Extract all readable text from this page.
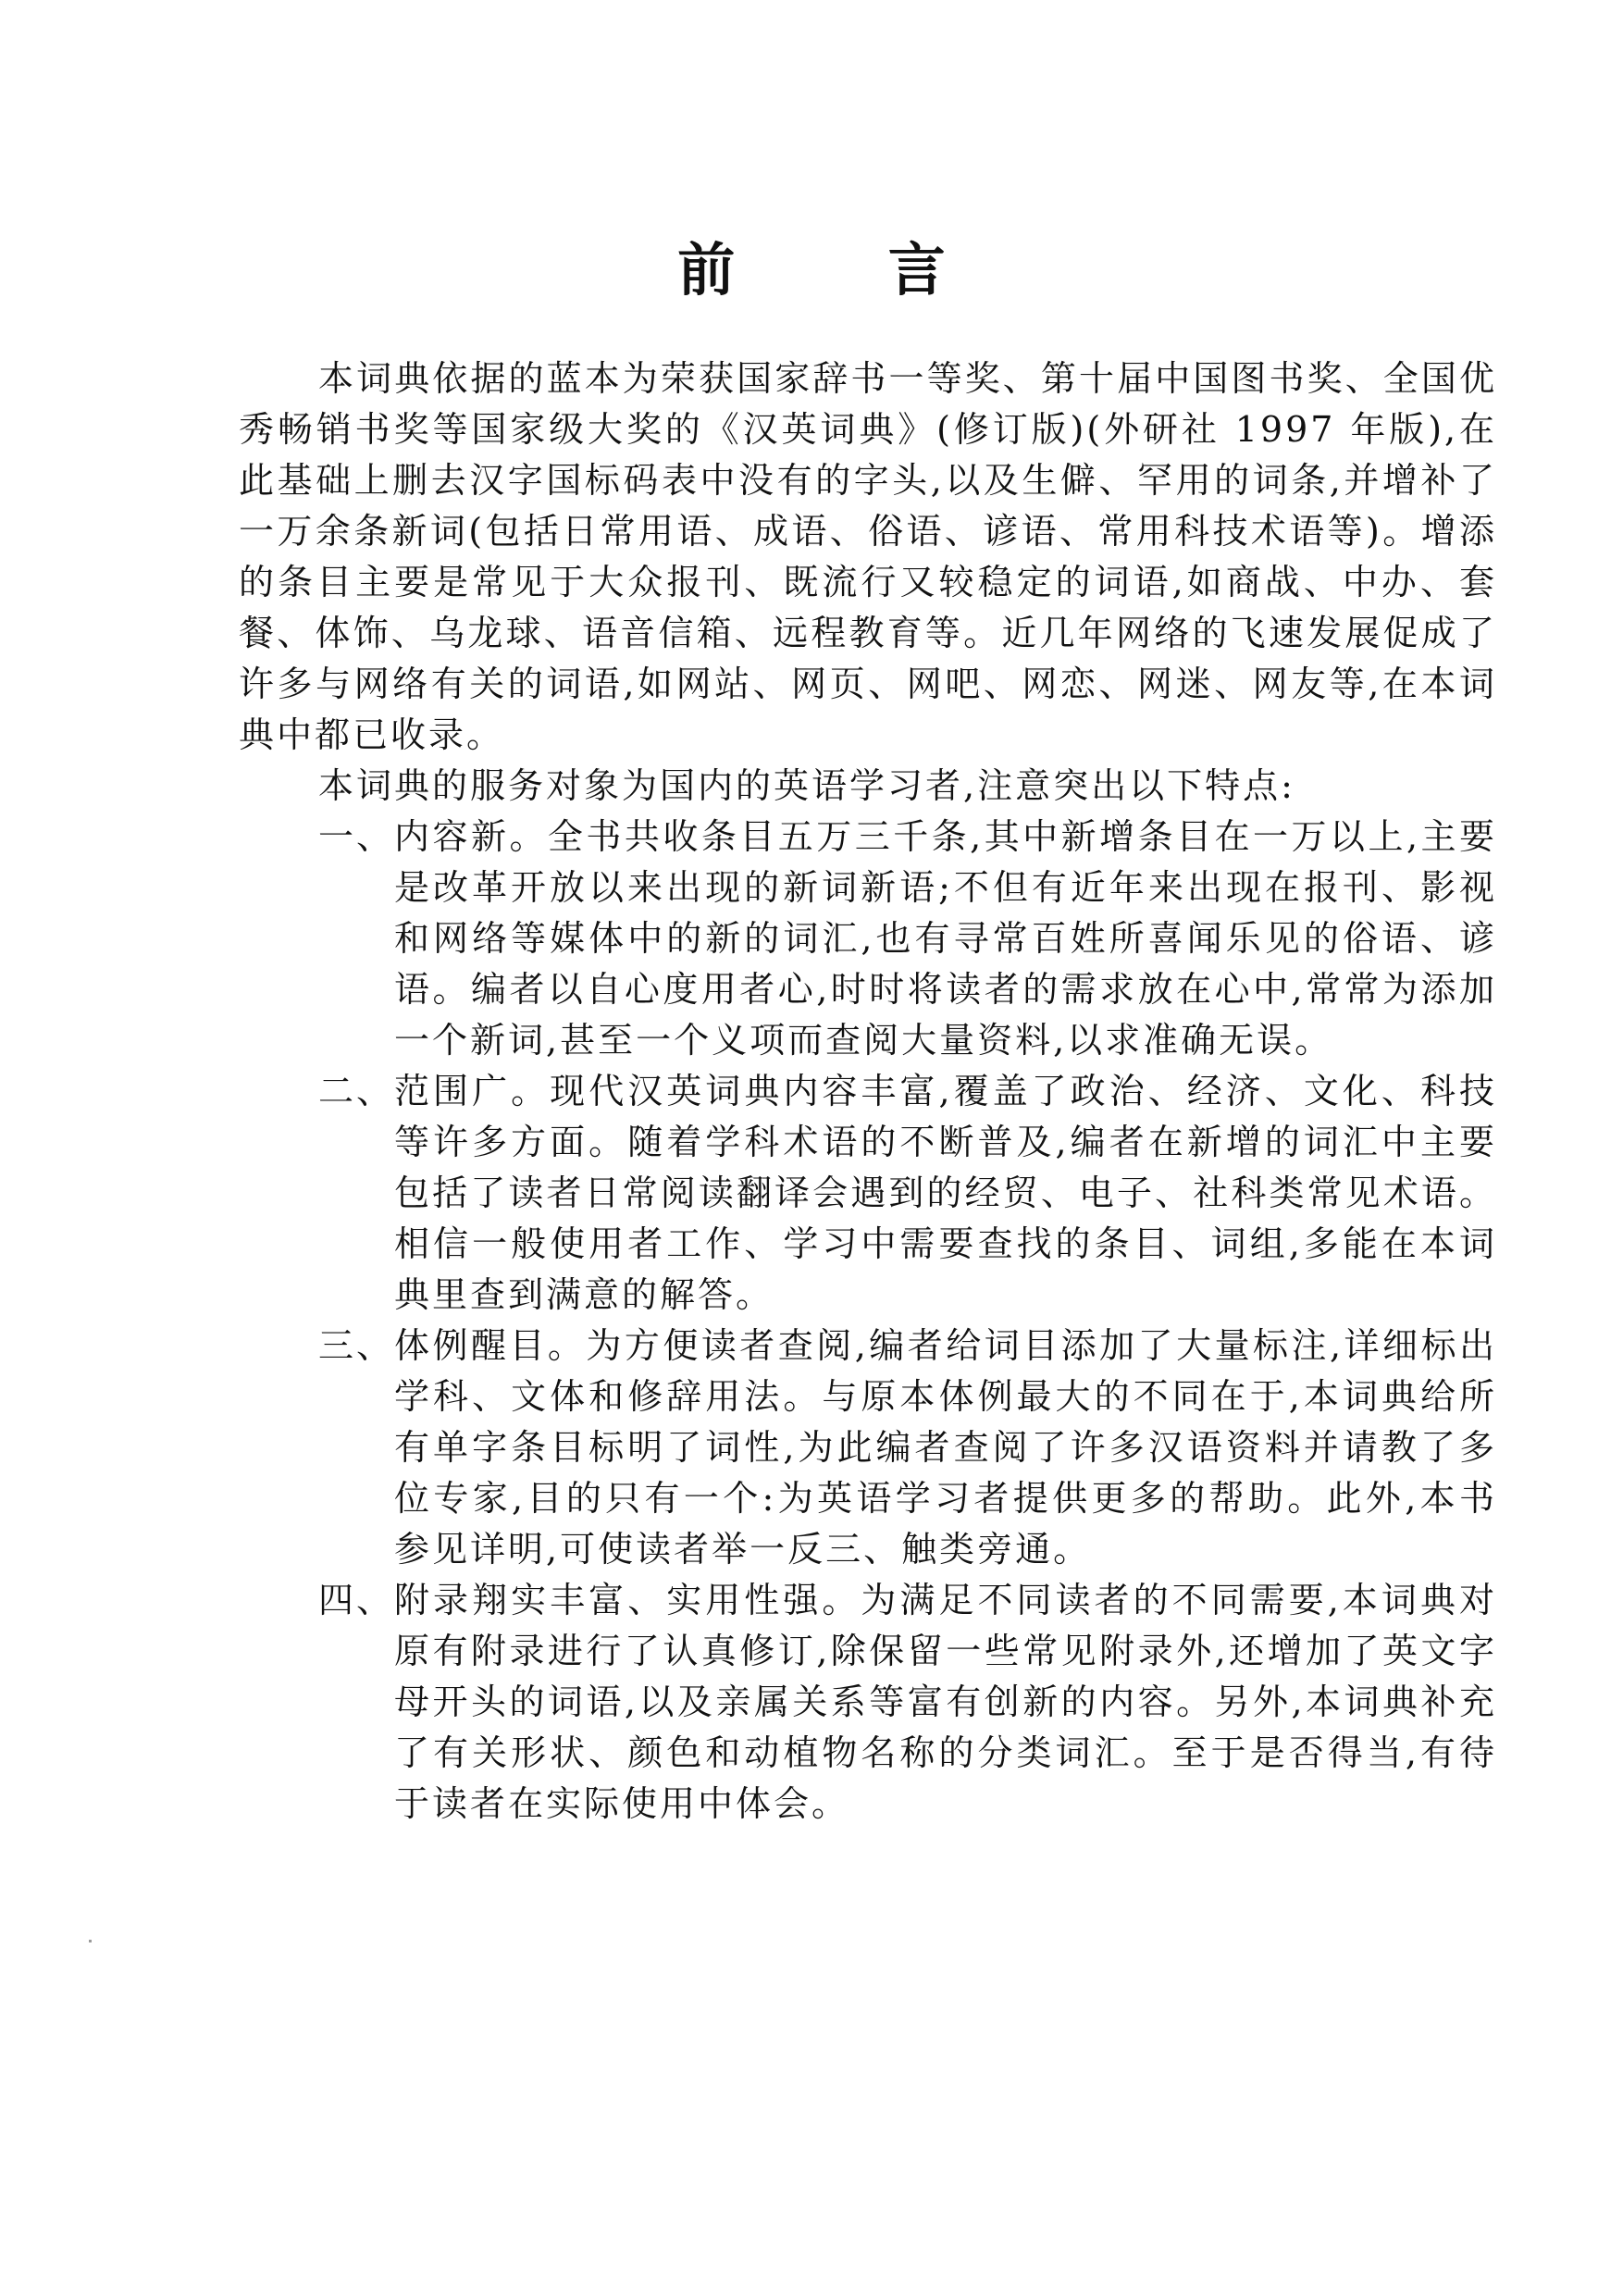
前 言

本词典依据的蓝本为荣获国家辞书一等奖、第十届中国图书奖、全国优秀畅销书奖等国家级大奖的《汉英词典》(修订版)(外研社 1997 年版),在此基础上删去汉字国标码表中没有的字头,以及生僻、罕用的词条,并增补了一万余条新词(包括日常用语、成语、俗语、谚语、常用科技术语等)。增添的条目主要是常见于大众报刊、既流行又较稳定的词语,如商战、中办、套餐、体饰、乌龙球、语音信箱、远程教育等。近几年网络的飞速发展促成了许多与网络有关的词语,如网站、网页、网吧、网恋、网迷、网友等,在本词典中都已收录。

本词典的服务对象为国内的英语学习者,注意突出以下特点:

一、 内容新。全书共收条目五万三千条,其中新增条目在一万以上,主要是改革开放以来出现的新词新语;不但有近年来出现在报刊、影视和网络等媒体中的新的词汇,也有寻常百姓所喜闻乐见的俗语、谚语。编者以自心度用者心,时时将读者的需求放在心中,常常为添加一个新词,甚至一个义项而查阅大量资料,以求准确无误。
二、 范围广。现代汉英词典内容丰富,覆盖了政治、经济、文化、科技等许多方面。随着学科术语的不断普及,编者在新增的词汇中主要包括了读者日常阅读翻译会遇到的经贸、电子、社科类常见术语。相信一般使用者工作、学习中需要查找的条目、词组,多能在本词典里查到满意的解答。
三、 体例醒目。为方便读者查阅,编者给词目添加了大量标注,详细标出学科、文体和修辞用法。与原本体例最大的不同在于,本词典给所有单字条目标明了词性,为此编者查阅了许多汉语资料并请教了多位专家,目的只有一个:为英语学习者提供更多的帮助。此外,本书参见详明,可使读者举一反三、触类旁通。
四、 附录翔实丰富、实用性强。为满足不同读者的不同需要,本词典对原有附录进行了认真修订,除保留一些常见附录外,还增加了英文字母开头的词语,以及亲属关系等富有创新的内容。另外,本词典补充了有关形状、颜色和动植物名称的分类词汇。至于是否得当,有待于读者在实际使用中体会。
